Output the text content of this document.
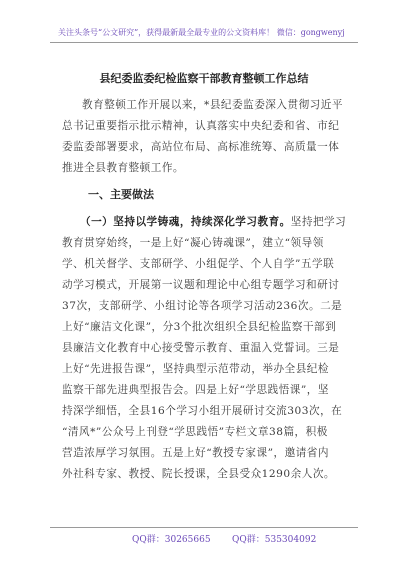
关注头条号“公文研究”，获得最新最全最专业的公文资料库！ 微信：gongwenyj
县纪委监委纪检监察干部教育整顿工作总结
教育整顿工作开展以来，*县纪委监委深入贯彻习近平
总书记重要指示批示精神，认真落实中央纪委和省、市纪
委监委部署要求，高站位布局、高标准统筹、高质量一体
推进全县教育整顿工作。
一、主要做法
（一）坚持以学铸魂，持续深化学习教育。坚持把学习
教育贯穿始终，一是上好“凝心铸魂课”，建立“领导领
学、机关督学、支部研学、小组促学、个人自学”五学联
动学习模式，开展第一议题和理论中心组专题学习和研讨
37次，支部研学、小组讨论等各项学习活动236次。二是
上好“廉洁文化课”，分3个批次组织全县纪检监察干部到
县廉洁文化教育中心接受警示教育、重温入党誓词。三是
上好“先进报告课”，坚持典型示范带动，举办全县纪检
监察干部先进典型报告会。四是上好“学思践悟课”，坚
持深学细悟，全县16个学习小组开展研讨交流303次，在
“清风*”公众号上刊登“学思践悟”专栏文章38篇，积极
营造浓厚学习氛围。五是上好“教授专家课”，邀请省内
外社科专家、教授、院长授课，全县受众1290余人次。
QQ群：30265665 QQ群：535304092
